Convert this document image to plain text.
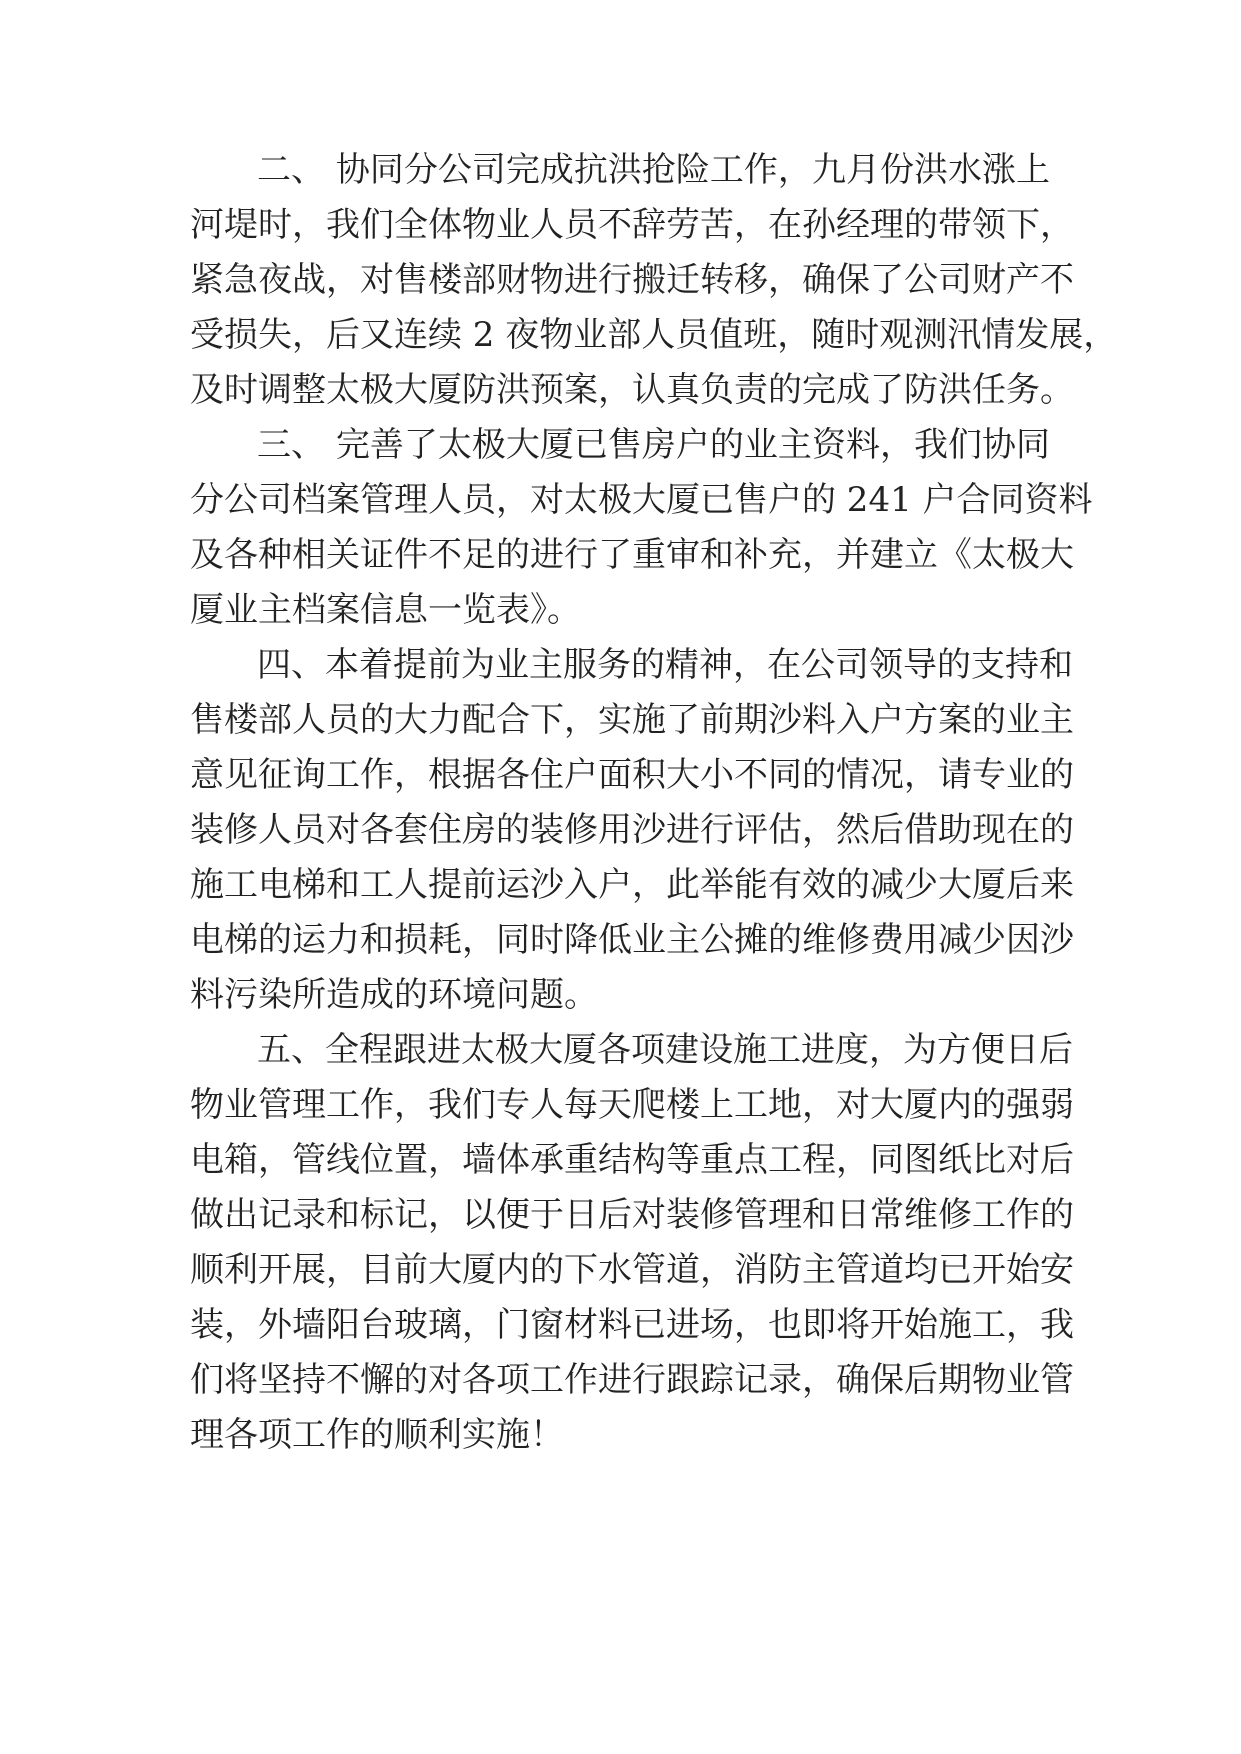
二、 协同分公司完成抗洪抢险工作，九月份洪水涨上
河堤时，我们全体物业人员不辞劳苦，在孙经理的带领下，
紧急夜战，对售楼部财物进行搬迁转移，确保了公司财产不
受损失，后又连续 2 夜物业部人员值班，随时观测汛情发展，
及时调整太极大厦防洪预案，认真负责的完成了防洪任务。
三、 完善了太极大厦已售房户的业主资料，我们协同
分公司档案管理人员，对太极大厦已售户的 241 户合同资料
及各种相关证件不足的进行了重审和补充，并建立《太极大
厦业主档案信息一览表》。
四、本着提前为业主服务的精神，在公司领导的支持和
售楼部人员的大力配合下，实施了前期沙料入户方案的业主
意见征询工作，根据各住户面积大小不同的情况，请专业的
装修人员对各套住房的装修用沙进行评估，然后借助现在的
施工电梯和工人提前运沙入户，此举能有效的减少大厦后来
电梯的运力和损耗，同时降低业主公摊的维修费用减少因沙
料污染所造成的环境问题。
五、全程跟进太极大厦各项建设施工进度，为方便日后
物业管理工作，我们专人每天爬楼上工地，对大厦内的强弱
电箱，管线位置，墙体承重结构等重点工程，同图纸比对后
做出记录和标记，以便于日后对装修管理和日常维修工作的
顺利开展，目前大厦内的下水管道，消防主管道均已开始安
装，外墙阳台玻璃，门窗材料已进场，也即将开始施工，我
们将坚持不懈的对各项工作进行跟踪记录，确保后期物业管
理各项工作的顺利实施！
